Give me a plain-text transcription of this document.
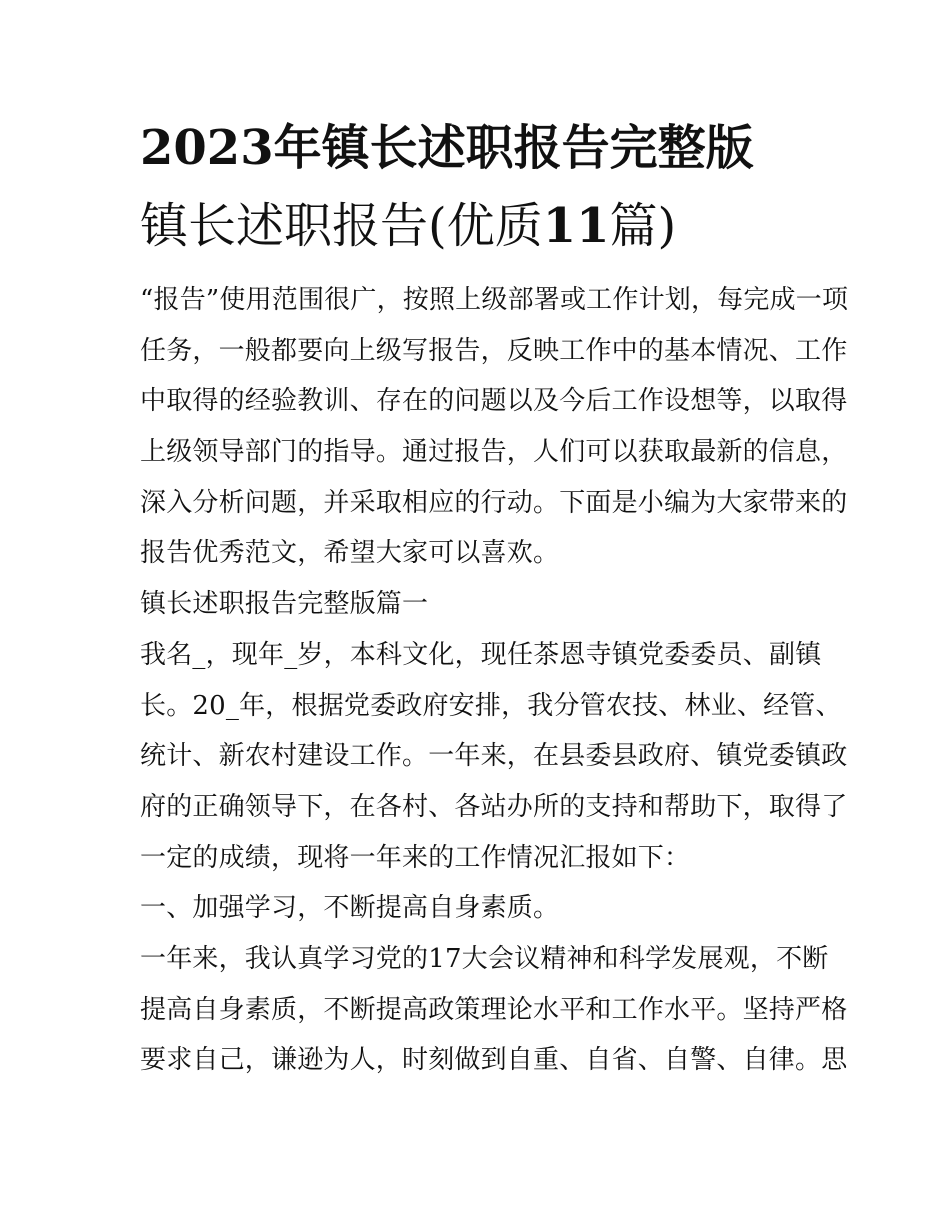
2023年镇长述职报告完整版
镇长述职报告(优质11篇)
“报告”使用范围很广，按照上级部署或工作计划，每完成一项
任务，一般都要向上级写报告，反映工作中的基本情况、工作
中取得的经验教训、存在的问题以及今后工作设想等，以取得
上级领导部门的指导。通过报告，人们可以获取最新的信息，
深入分析问题，并采取相应的行动。下面是小编为大家带来的
报告优秀范文，希望大家可以喜欢。
镇长述职报告完整版篇一
我名_，现年_岁，本科文化，现任茶恩寺镇党委委员、副镇
长。20_年，根据党委政府安排，我分管农技、林业、经管、
统计、新农村建设工作。一年来，在县委县政府、镇党委镇政
府的正确领导下，在各村、各站办所的支持和帮助下，取得了
一定的成绩，现将一年来的工作情况汇报如下：
一、加强学习，不断提高自身素质。
一年来，我认真学习党的17大会议精神和科学发展观，不断
提高自身素质，不断提高政策理论水平和工作水平。坚持严格
要求自己，谦逊为人，时刻做到自重、自省、自警、自律。思
